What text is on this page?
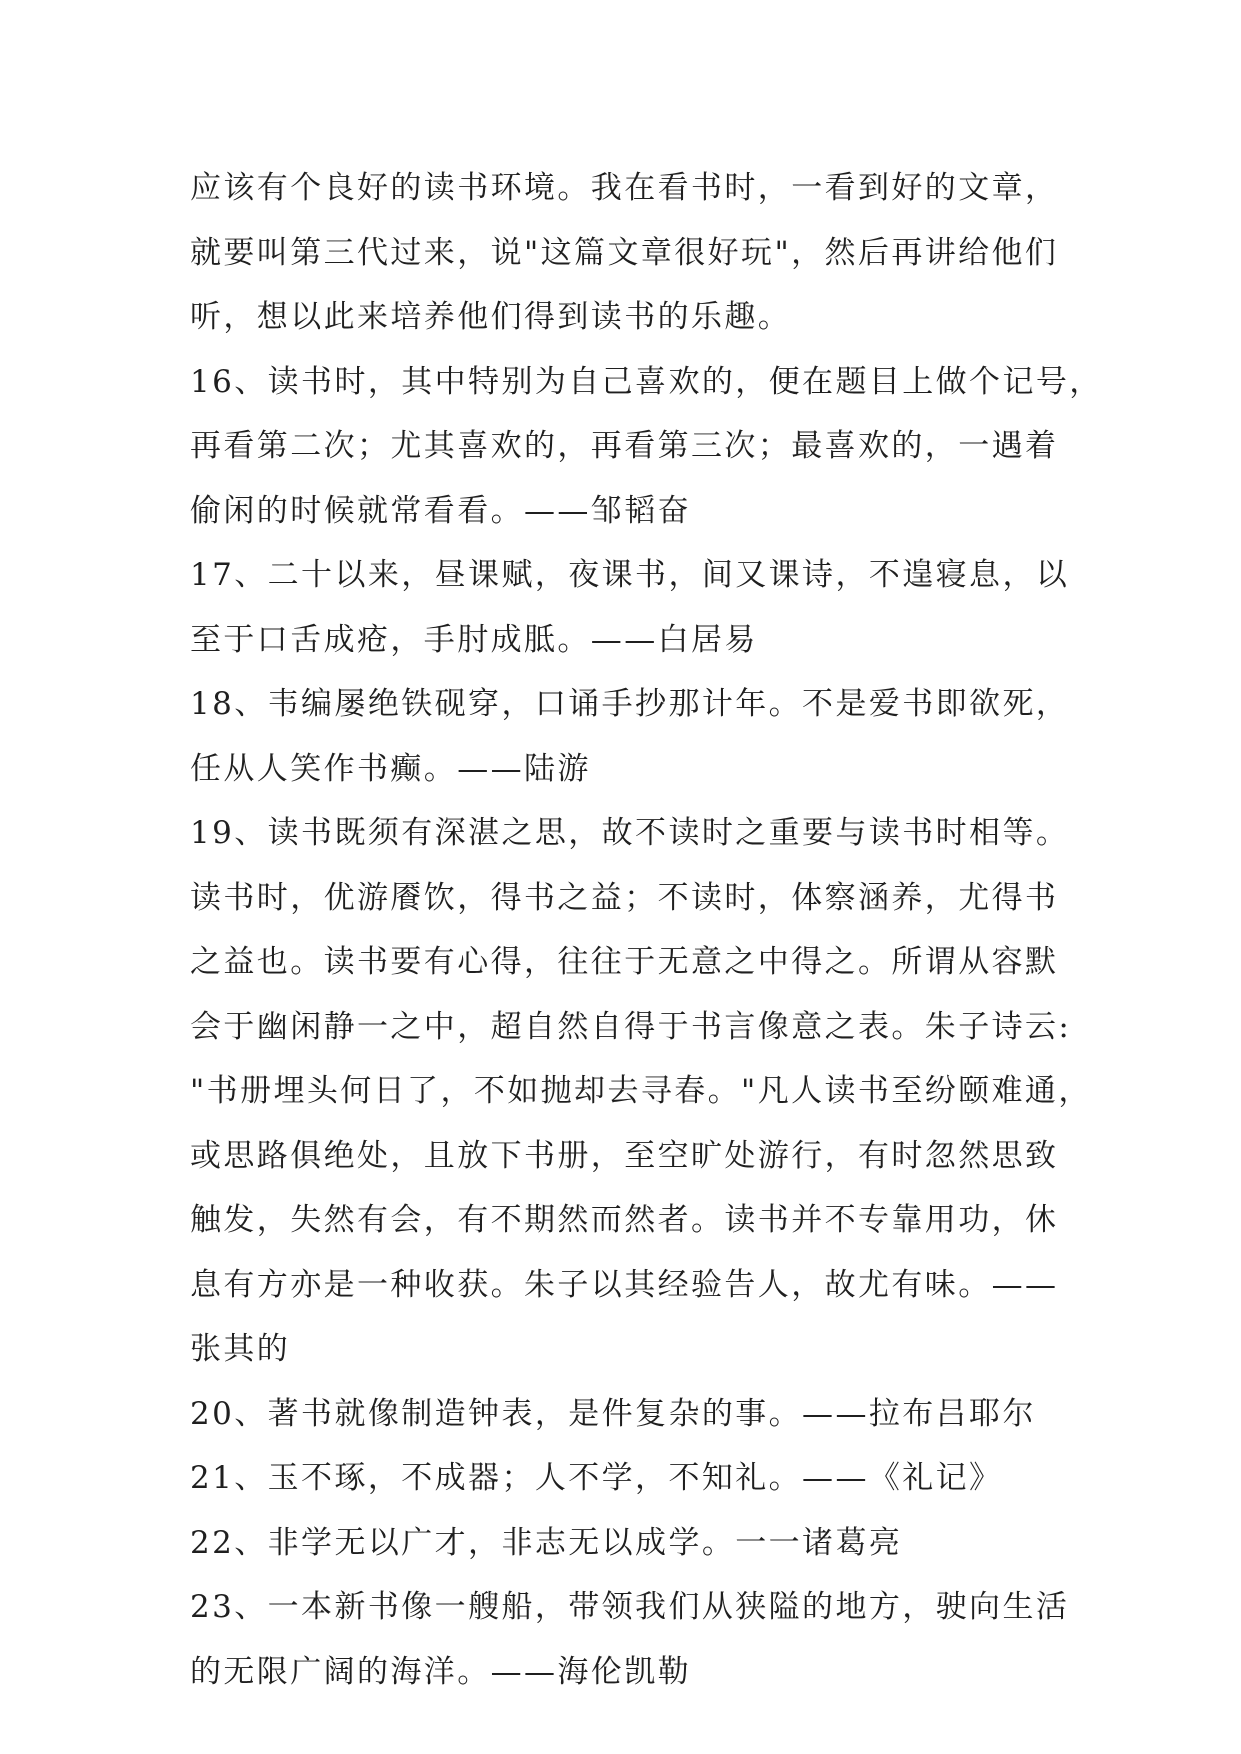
应该有个良好的读书环境。我在看书时，一看到好的文章，
就要叫第三代过来，说"这篇文章很好玩"，然后再讲给他们
听，想以此来培养他们得到读书的乐趣。
16、读书时，其中特别为自己喜欢的，便在题目上做个记号，
再看第二次；尤其喜欢的，再看第三次；最喜欢的，一遇着
偷闲的时候就常看看。——邹韬奋
17、二十以来，昼课赋，夜课书，间又课诗，不遑寝息，以
至于口舌成疮，手肘成胝。——白居易
18、韦编屡绝铁砚穿，口诵手抄那计年。不是爱书即欲死，
任从人笑作书癫。——陆游
19、读书既须有深湛之思，故不读时之重要与读书时相等。
读书时，优游餍饮，得书之益；不读时，体察涵养，尤得书
之益也。读书要有心得，往往于无意之中得之。所谓从容默
会于幽闲静一之中，超自然自得于书言像意之表。朱子诗云:
"书册埋头何日了，不如抛却去寻春。"凡人读书至纷颐难通，
或思路俱绝处，且放下书册，至空旷处游行，有时忽然思致
触发，失然有会，有不期然而然者。读书并不专靠用功，休
息有方亦是一种收获。朱子以其经验告人，故尤有味。——
张其的
20、著书就像制造钟表，是件复杂的事。——拉布吕耶尔
21、玉不琢，不成器；人不学，不知礼。——《礼记》
22、非学无以广才，非志无以成学。一一诸葛亮
23、一本新书像一艘船，带领我们从狭隘的地方，驶向生活
的无限广阔的海洋。——海伦凯勒
